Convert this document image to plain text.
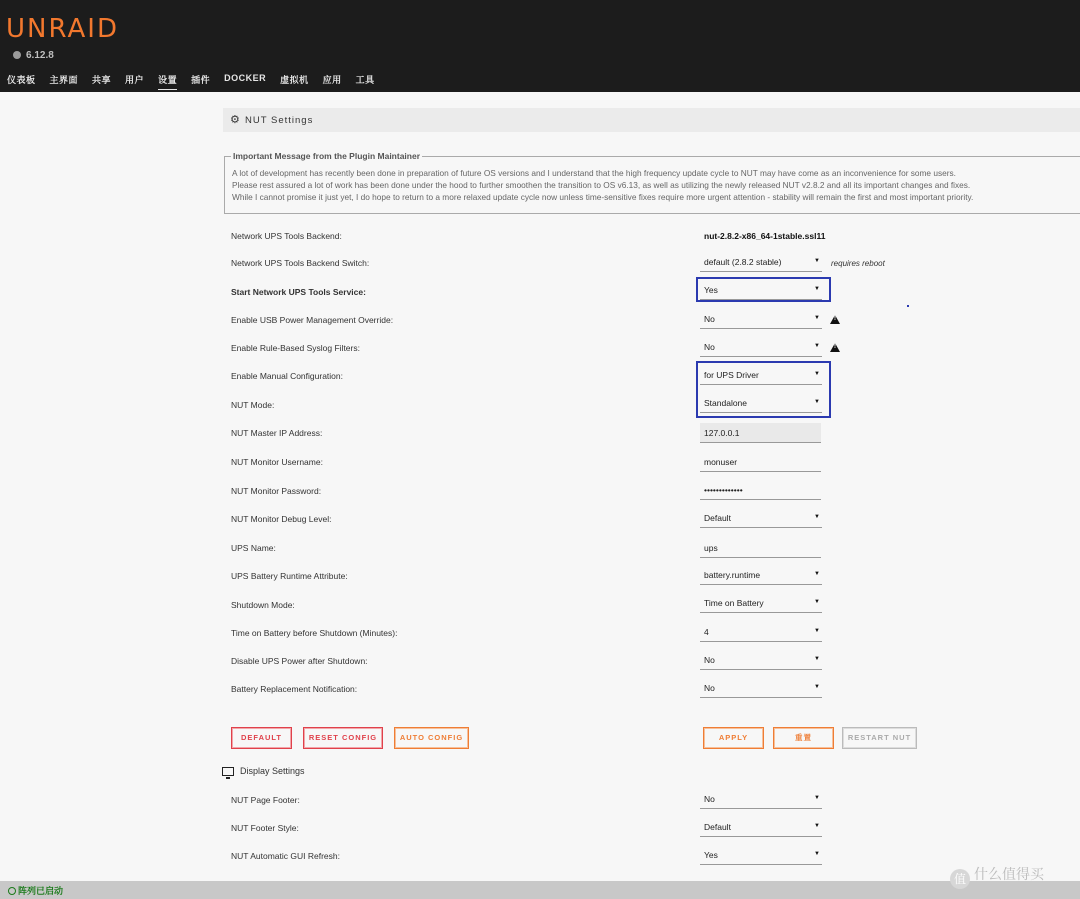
UNRAID
6.12.8
仪表板 主界面 共享 用户 设置 插件 DOCKER 虚拟机 应用 工具
⚙ NUT Settings
Important Message from the Plugin Maintainer
A lot of development has recently been done in preparation of future OS versions and I understand that the high frequency update cycle to NUT may have come as an inconvenience for some users.
Please rest assured a lot of work has been done under the hood to further smoothen the transition to OS v6.13, as well as utilizing the newly released NUT v2.8.2 and all its important changes and fixes.
While I cannot promise it just yet, I do hope to return to a more relaxed update cycle now unless time-sensitive fixes require more urgent attention - stability will remain the first and most important priority.
Network UPS Tools Backend:	nut-2.8.2-x86_64-1stable.ssl11
Network UPS Tools Backend Switch:	default (2.8.2 stable)	▼ requires reboot
Start Network UPS Tools Service:	Yes	▼
Enable USB Power Management Override:	No	▼ !
Enable Rule-Based Syslog Filters:	No	▼ !
Enable Manual Configuration:	for UPS Driver	▼
NUT Mode:	Standalone	▼
NUT Master IP Address:	127.0.0.1
NUT Monitor Username:	monuser
NUT Monitor Password:	•••••••••••••
NUT Monitor Debug Level:	Default	▼
UPS Name:	ups
UPS Battery Runtime Attribute:	battery.runtime	▼
Shutdown Mode:	Time on Battery	▼
Time on Battery before Shutdown (Minutes):	4	▼
Disable UPS Power after Shutdown:	No	▼
Battery Replacement Notification:	No	▼
DEFAULT	RESET CONFIG	AUTO CONFIG	APPLY	重置	RESTART NUT
Display Settings
NUT Page Footer:	No	▼
NUT Footer Style:	Default	▼
NUT Automatic GUI Refresh:	Yes	▼
阵列已启动
值 什么值得买
